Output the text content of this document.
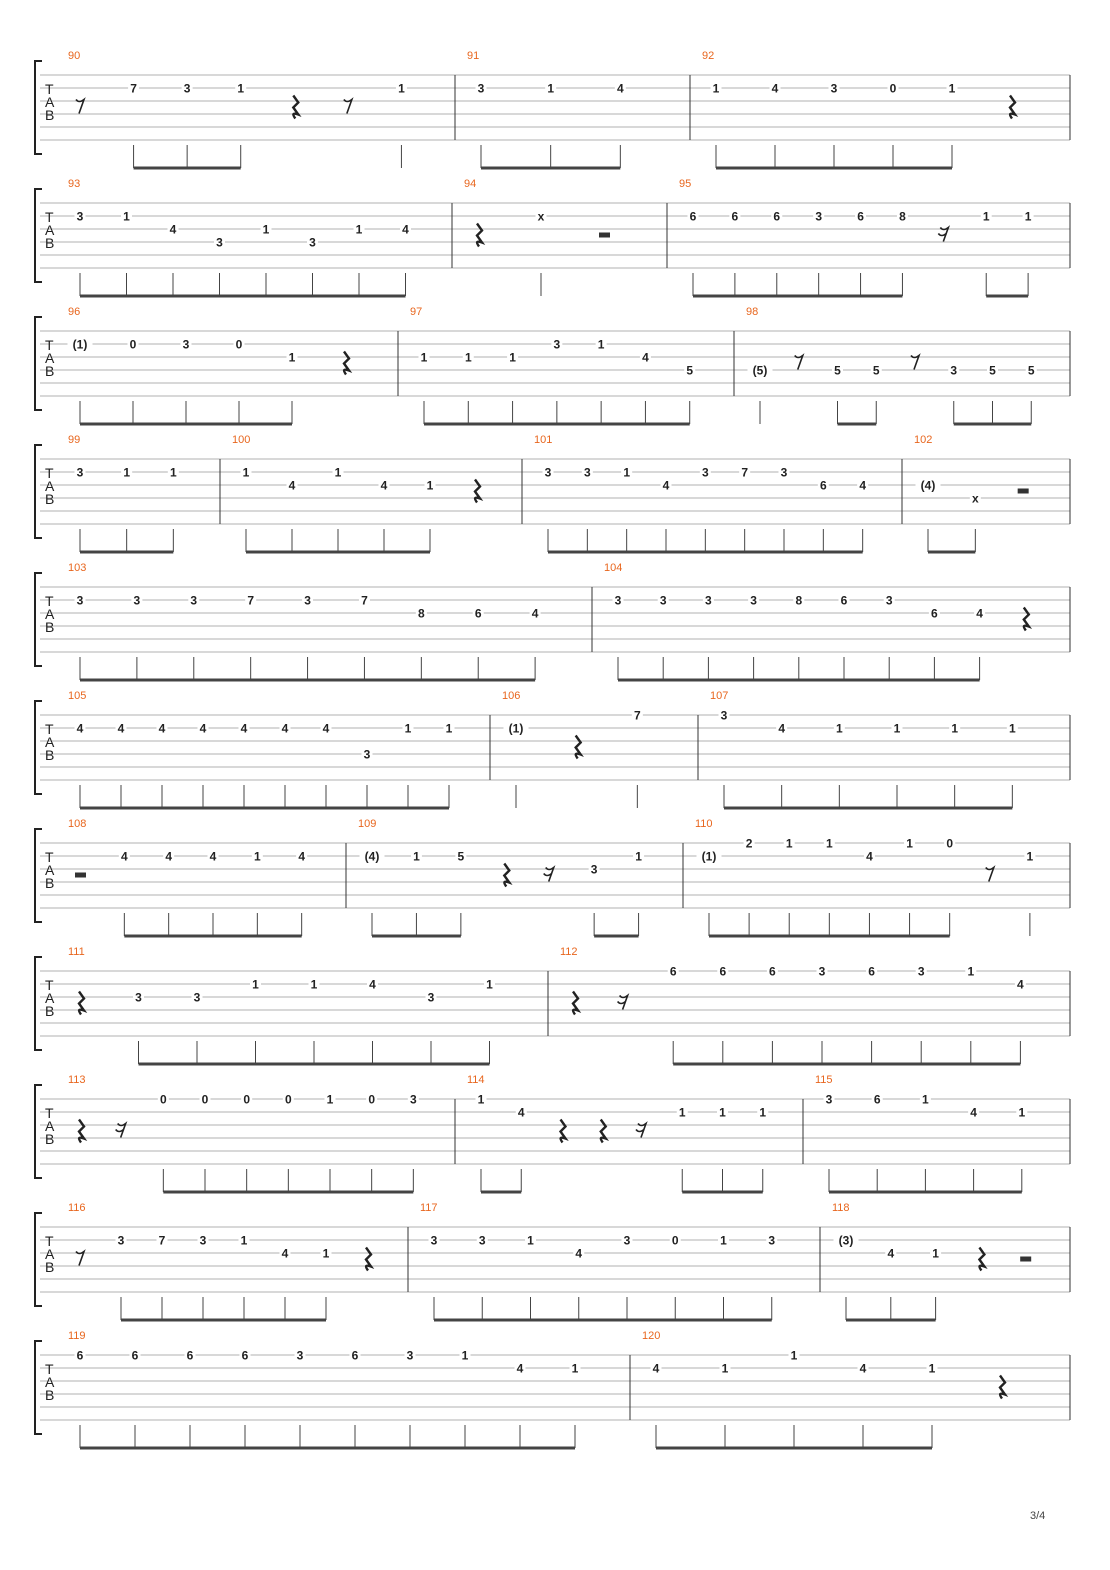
T
A
B
90
7	3	1	1
91
3	1	4
92
1	4	3	0	1
T
A
B
93
3	1
4
3
1
3
1	4
94
x
95
6	6	6	3	6	8	1	1
T
A
B
96
(1)	0	3	0
1
97
1	1	1
3	1
4
5
98
(5)	5	5	3	5	5
T
A
B
99
3	1	1
100
1
4
1
4	1
101
3	3	1
4
3	7	3
6	4
102
(4)
x
T
A
B
103
3	3	3	7	3	7
8	6	4
104
3	3	3	3	8	6	3
6	4
T
A
B
105
4	4	4	4	4	4	4
3
1	1
106
(1)
7
107
3
4	1	1	1	1
T
A
B
108
4	4	4	1	4
109
(4)	1	5
3
1
110
(1)
2	1	1
4
1	0
1
T
A
B
111
3	3
1	1	4
3
1
112
6	6	6	3	6	3	1
4
T
A
B
113
0	0	0	0	1	0	3
114
1
4	1	1	1
115
3	6	1
4	1
T
A
B
116
3	7	3	1
4	1
117
3	3	1
4
3	0	1	3
118
(3)
4	1
T
A
B
119
6	6	6	6	3	6	3	1
4	1
120
4	1
1
4	1
3/4
